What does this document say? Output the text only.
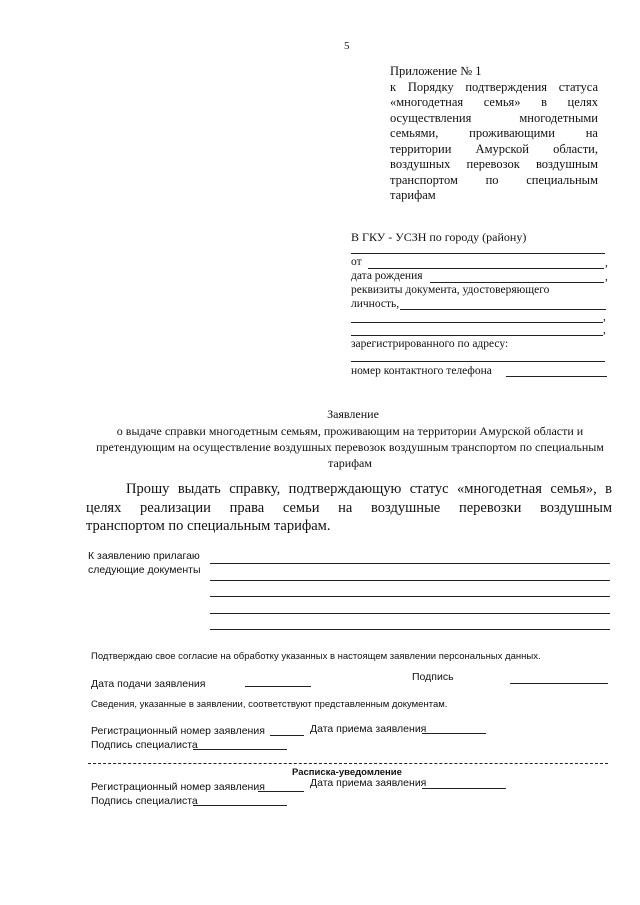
5
Приложение № 1
к Порядку подтверждения статуса
«многодетная семья» в целях
осуществления многодетными
семьями, проживающими на
территории Амурской области,
воздушных перевозок воздушным
транспортом по специальным
тарифам
В ГКУ - УСЗН по городу (району)
от	,
дата рождения	,
реквизиты документа, удостоверяющего
личность,
,
,
зарегистрированного по адресу:
номер контактного телефона
Заявление
о выдаче справки многодетным семьям, проживающим на территории Амурской области и претендующим на осуществление воздушных перевозок воздушным транспортом по специальным тарифам
Прошу выдать справку, подтверждающую статус «многодетная семья», в
целях реализации права семьи на воздушные перевозки воздушным
транспортом по специальным тарифам.
К заявлению прилагаю
следующие документы
Подтверждаю свое согласие на обработку указанных в настоящем заявлении персональных данных.
Дата подачи заявления
Подпись
Сведения, указанные в заявлении, соответствуют представленным документам.
Регистрационный номер заявления	Дата приема заявления
Подпись специалиста
Расписка-уведомление
Регистрационный номер заявления	Дата приема заявления
Подпись специалиста
